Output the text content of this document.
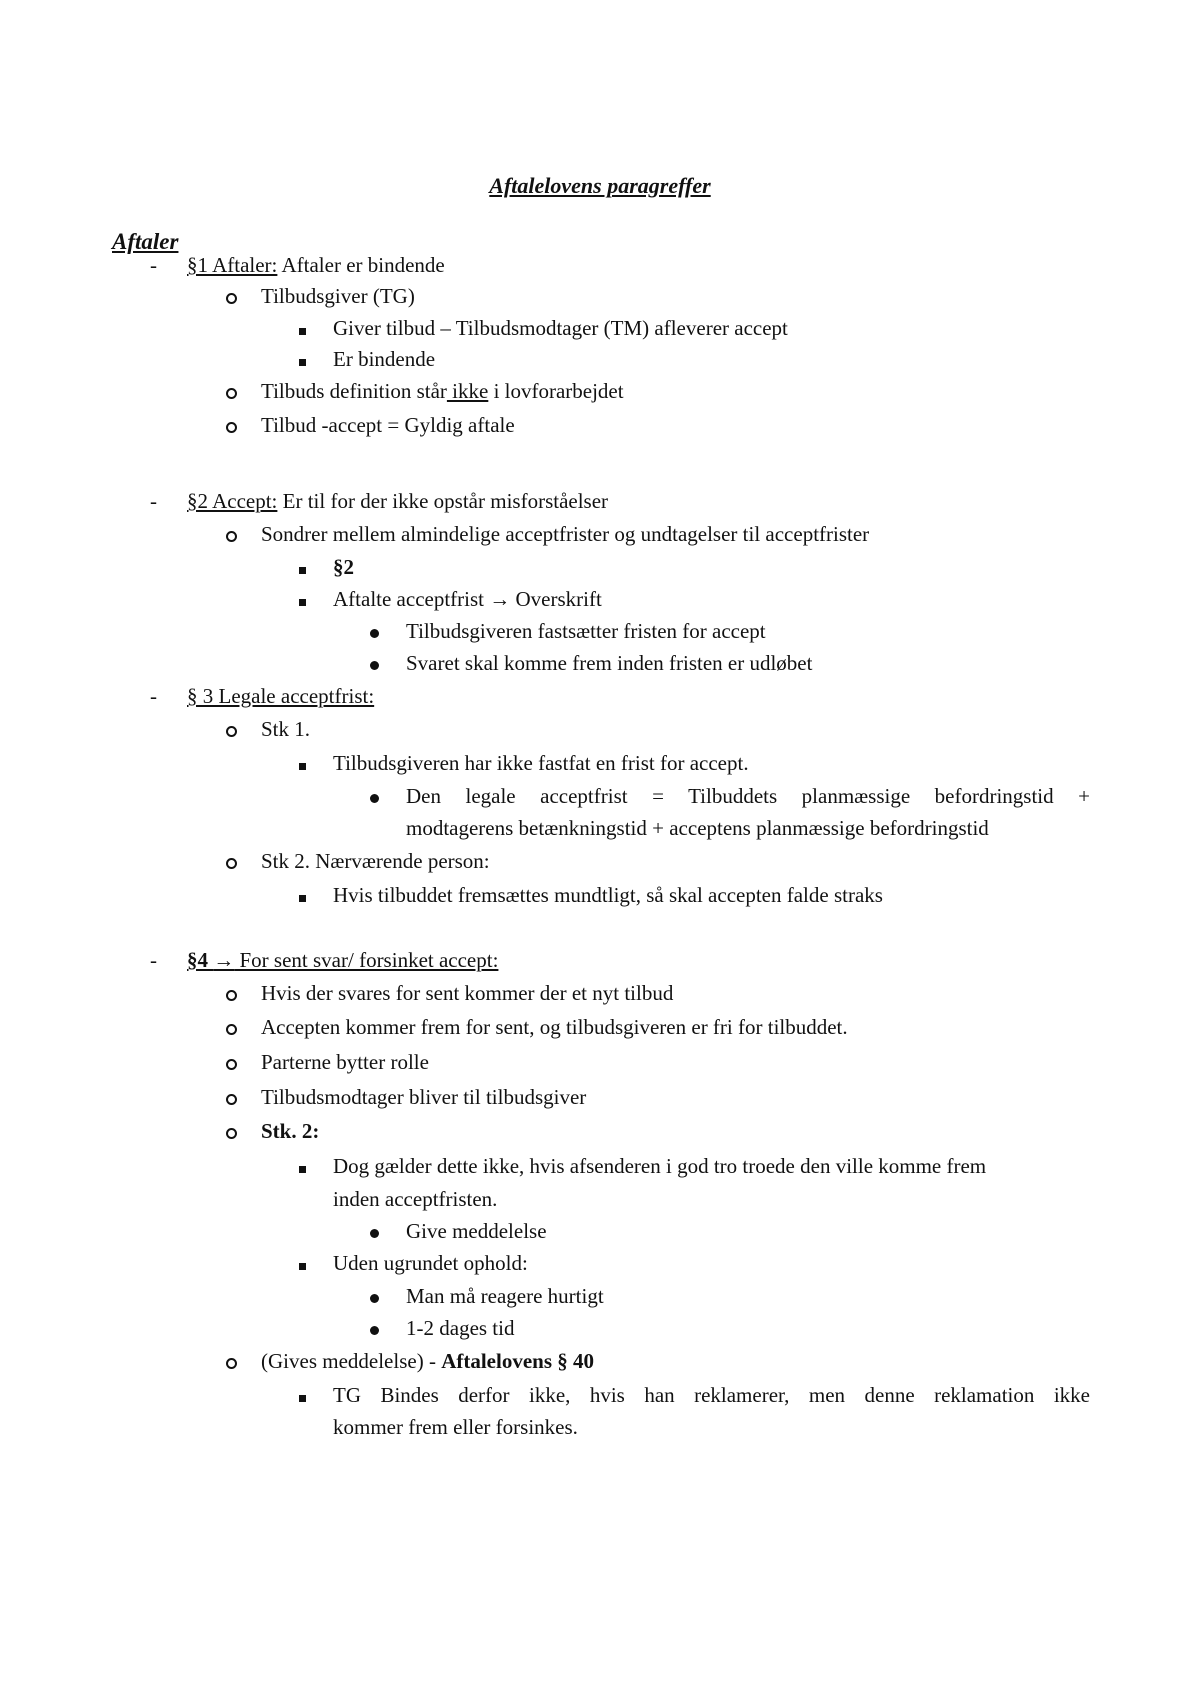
Aftalelovens paragreffer
Aftaler
- §1 Aftaler: Aftaler er bindende
Tilbudsgiver (TG)
Giver tilbud – Tilbudsmodtager (TM) afleverer accept
Er bindende
Tilbuds definition står ikke i lovforarbejdet
Tilbud -accept = Gyldig aftale
- §2 Accept: Er til for der ikke opstår misforståelser
Sondrer mellem almindelige acceptfrister og undtagelser til acceptfrister
§2
Aftalte acceptfrist → Overskrift
Tilbudsgiveren fastsætter fristen for accept
Svaret skal komme frem inden fristen er udløbet
- § 3 Legale acceptfrist:
Stk 1.
Tilbudsgiveren har ikke fastfat en frist for accept.
Den legale acceptfrist = Tilbuddets planmæssige befordringstid +
modtagerens betænkningstid + acceptens planmæssige befordringstid
Stk 2. Nærværende person:
Hvis tilbuddet fremsættes mundtligt, så skal accepten falde straks
- §4 → For sent svar/ forsinket accept:
Hvis der svares for sent kommer der et nyt tilbud
Accepten kommer frem for sent, og tilbudsgiveren er fri for tilbuddet.
Parterne bytter rolle
Tilbudsmodtager bliver til tilbudsgiver
Stk. 2:
Dog gælder dette ikke, hvis afsenderen i god tro troede den ville komme frem
inden acceptfristen.
Give meddelelse
Uden ugrundet ophold:
Man må reagere hurtigt
1-2 dages tid
(Gives meddelelse) - Aftalelovens § 40
TG Bindes derfor ikke, hvis han reklamerer, men denne reklamation ikke
kommer frem eller forsinkes.
